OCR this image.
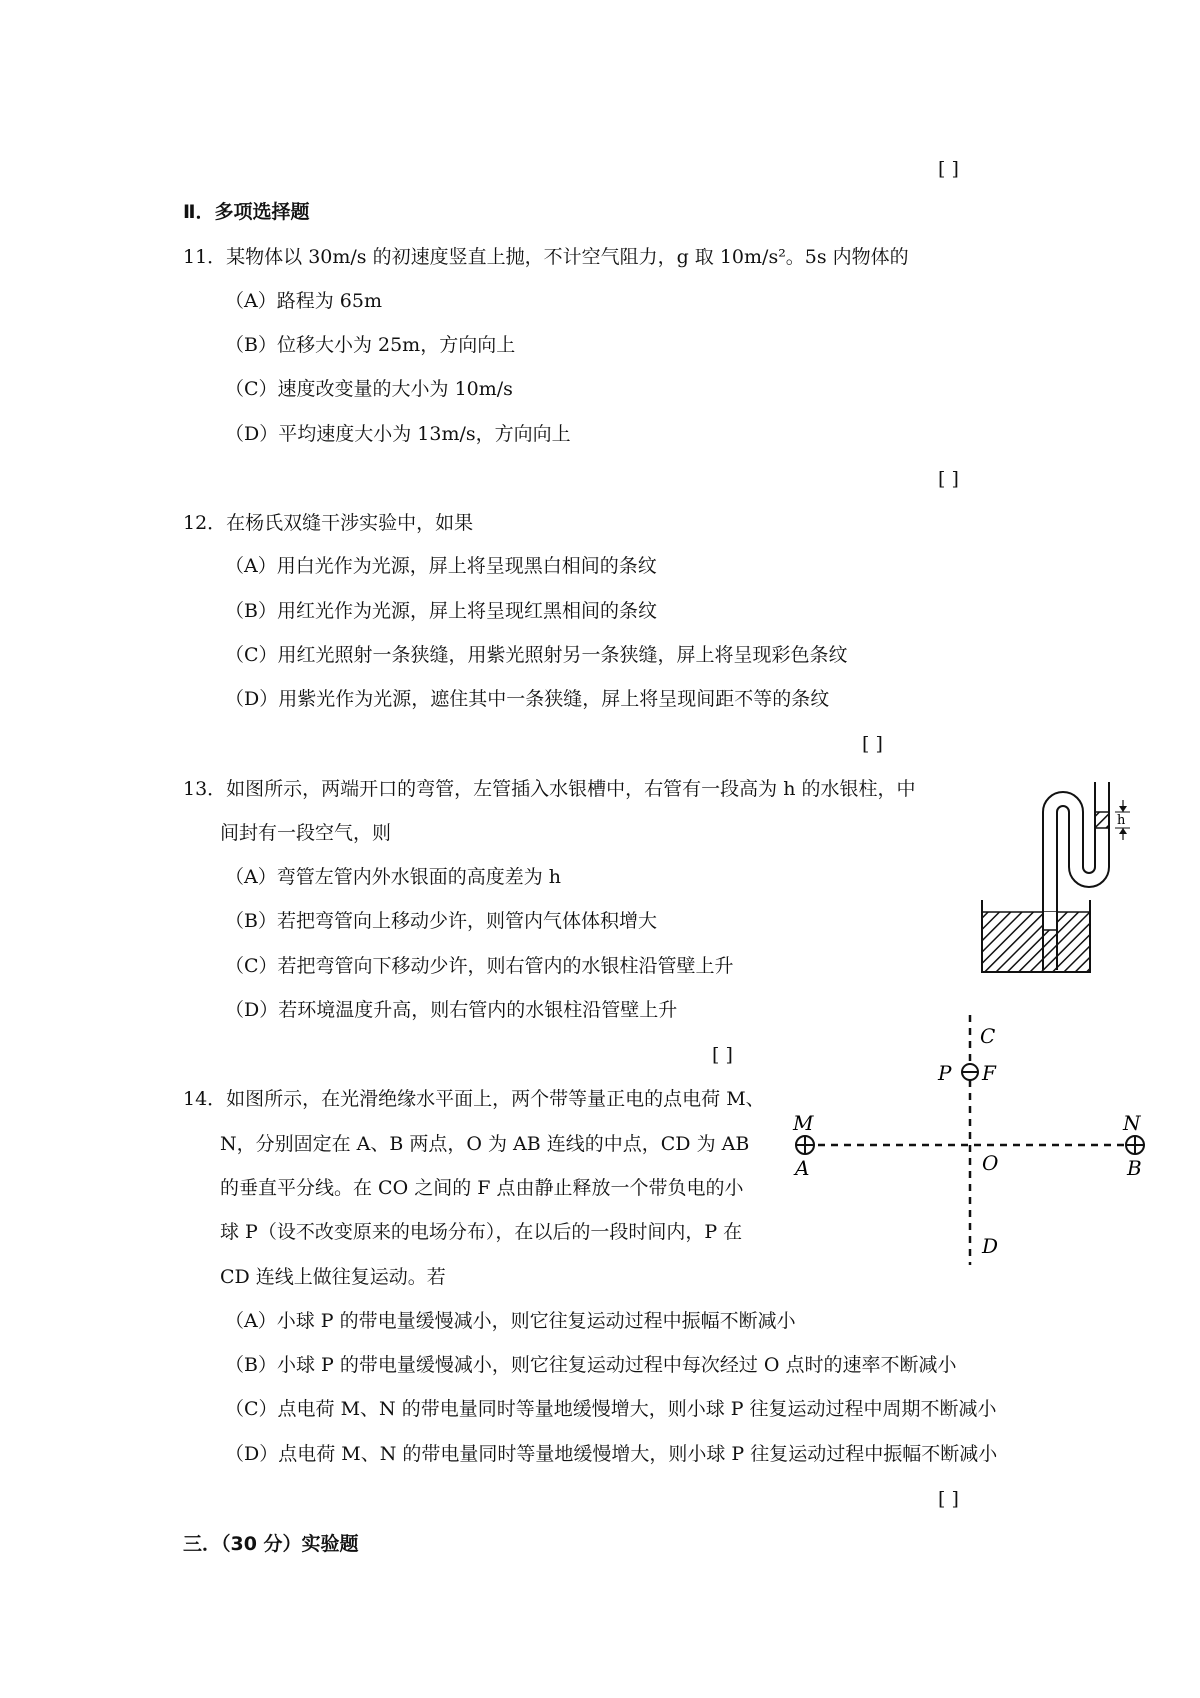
[ ]
Ⅱ．多项选择题
11．某物体以 30m/s 的初速度竖直上抛，不计空气阻力，g 取 10m/s²。5s 内物体的
（A）路程为 65m
（B）位移大小为 25m，方向向上
（C）速度改变量的大小为 10m/s
（D）平均速度大小为 13m/s，方向向上
[ ]
12．在杨氏双缝干涉实验中，如果
（A）用白光作为光源，屏上将呈现黑白相间的条纹
（B）用红光作为光源，屏上将呈现红黑相间的条纹
（C）用红光照射一条狭缝，用紫光照射另一条狭缝，屏上将呈现彩色条纹
（D）用紫光作为光源，遮住其中一条狭缝，屏上将呈现间距不等的条纹
[ ]
13．如图所示，两端开口的弯管，左管插入水银槽中，右管有一段高为 h 的水银柱，中
间封有一段空气，则
（A）弯管左管内外水银面的高度差为 h
（B）若把弯管向上移动少许，则管内气体体积增大
（C）若把弯管向下移动少许，则右管内的水银柱沿管壁上升
（D）若环境温度升高，则右管内的水银柱沿管壁上升
[ ]
h
14．如图所示，在光滑绝缘水平面上，两个带等量正电的点电荷 M、
N，分别固定在 A、B 两点，O 为 AB 连线的中点，CD 为 AB
的垂直平分线。在 CO 之间的 F 点由静止释放一个带负电的小
球 P（设不改变原来的电场分布），在以后的一段时间内，P 在
CD 连线上做往复运动。若
（A）小球 P 的带电量缓慢减小，则它往复运动过程中振幅不断减小
（B）小球 P 的带电量缓慢减小，则它往复运动过程中每次经过 O 点时的速率不断减小
（C）点电荷 M、N 的带电量同时等量地缓慢增大，则小球 P 往复运动过程中周期不断减小
（D）点电荷 M、N 的带电量同时等量地缓慢增大，则小球 P 往复运动过程中振幅不断减小
[ ]
C
P F
M	N
A	O	B
D
三．（30 分）实验题
